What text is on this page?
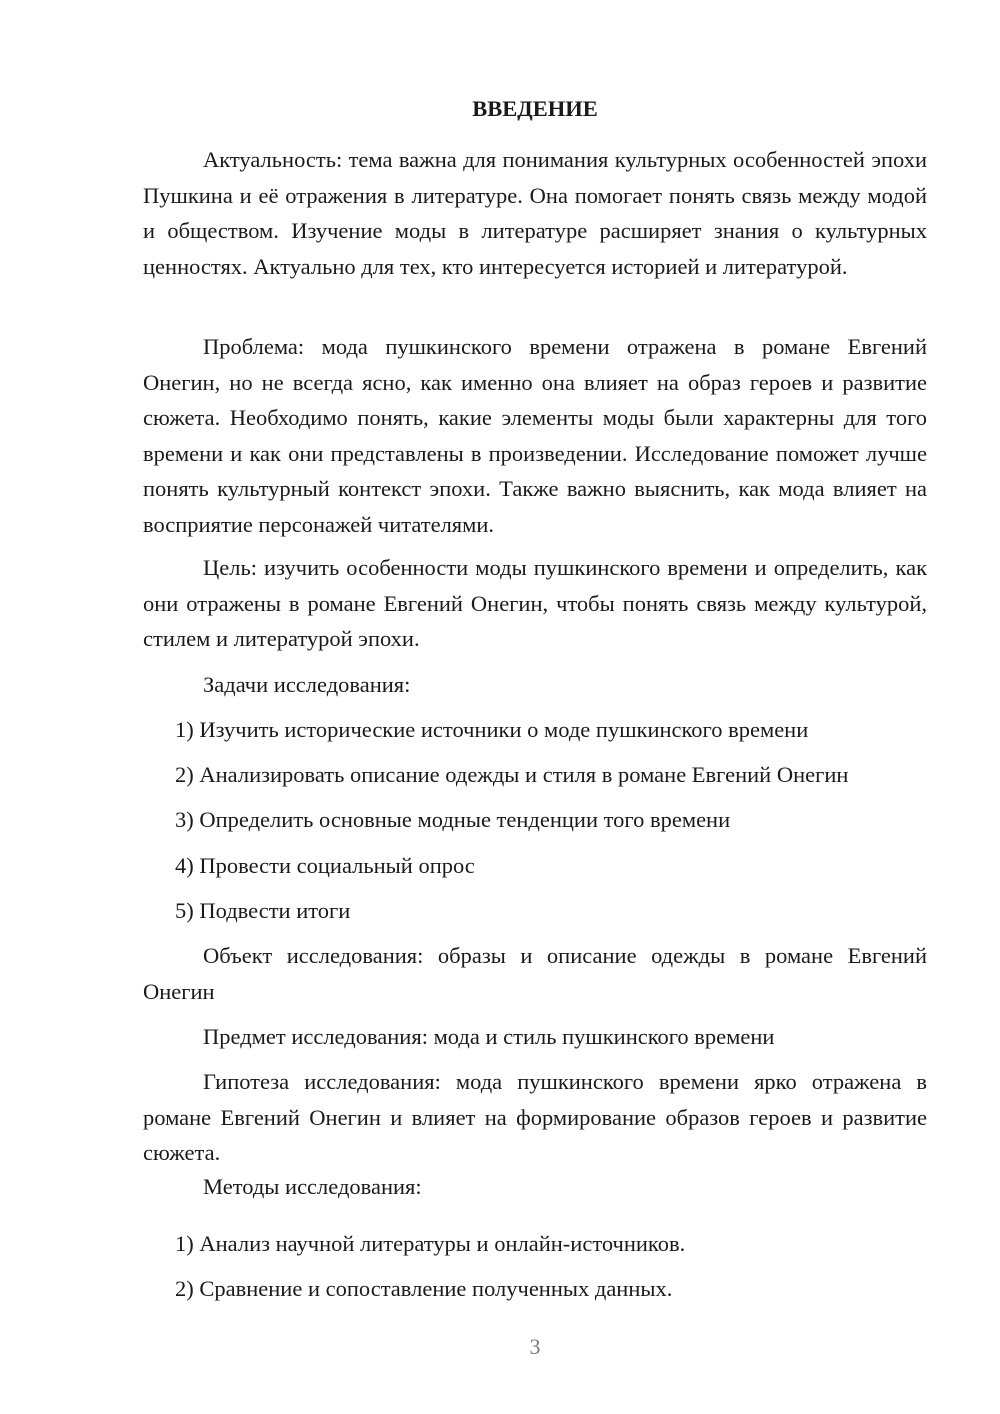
ВВЕДЕНИЕ
Актуальность: тема важна для понимания культурных особенностей эпохи Пушкина и её отражения в литературе. Она помогает понять связь между модой и обществом. Изучение моды в литературе расширяет знания о культурных ценностях. Актуально для тех, кто интересуется историей и литературой.
Проблема: мода пушкинского времени отражена в романе Евгений Онегин, но не всегда ясно, как именно она влияет на образ героев и развитие сюжета. Необходимо понять, какие элементы моды были характерны для того времени и как они представлены в произведении. Исследование поможет лучше понять культурный контекст эпохи. Также важно выяснить, как мода влияет на восприятие персонажей читателями.
Цель: изучить особенности моды пушкинского времени и определить, как они отражены в романе Евгений Онегин, чтобы понять связь между культурой, стилем и литературой эпохи.
Задачи исследования:
1) Изучить исторические источники о моде пушкинского времени
2) Анализировать описание одежды и стиля в романе Евгений Онегин
3) Определить основные модные тенденции того времени
4) Провести социальный опрос
5) Подвести итоги
Объект исследования: образы и описание одежды в романе Евгений Онегин
Предмет исследования: мода и стиль пушкинского времени
Гипотеза исследования: мода пушкинского времени ярко отражена в романе Евгений Онегин и влияет на формирование образов героев и развитие сюжета.
Методы исследования:
1) Анализ научной литературы и онлайн-источников.
2) Сравнение и сопоставление полученных данных.
3
